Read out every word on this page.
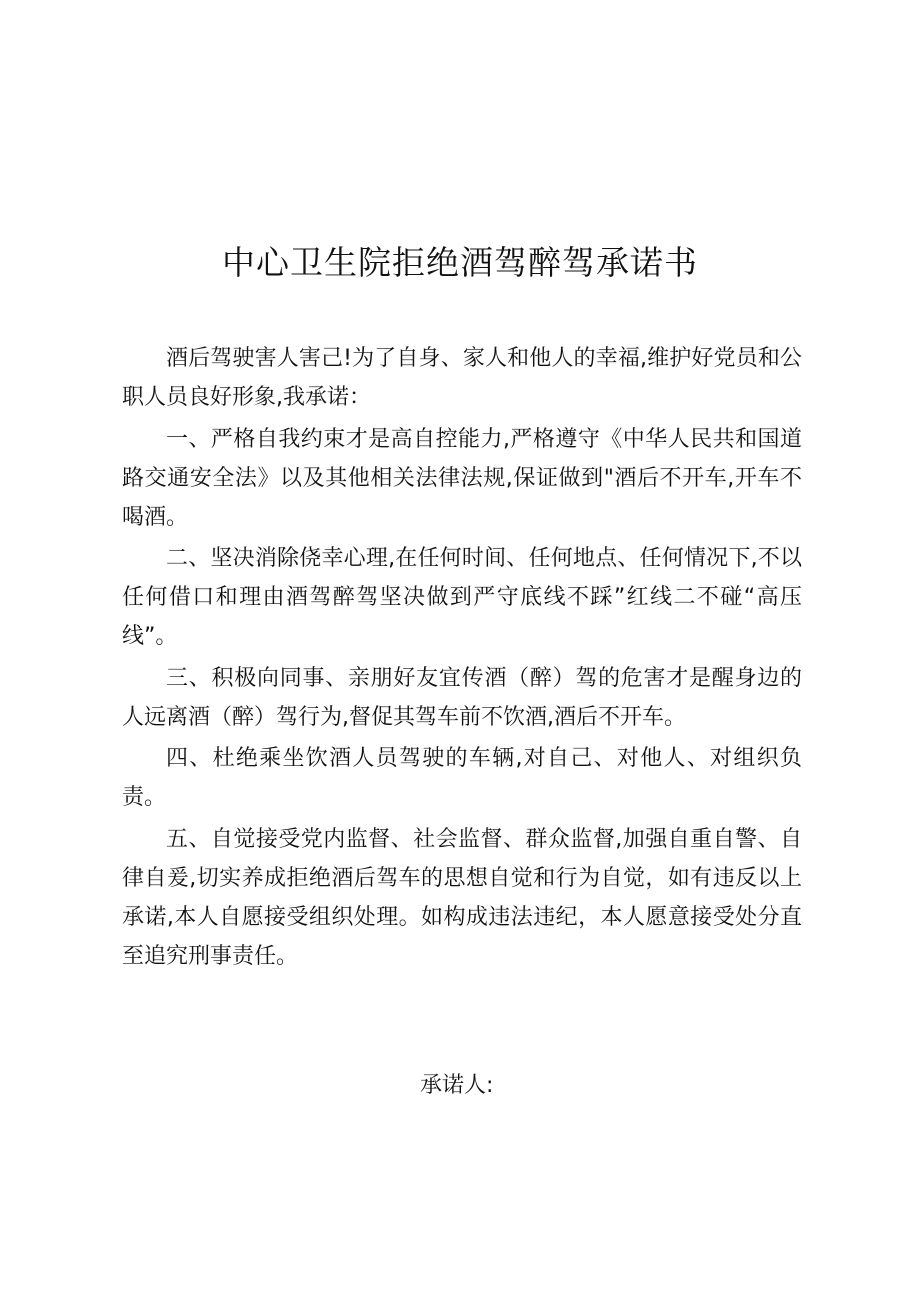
中心卫生院拒绝酒驾醉驾承诺书

酒后驾驶害人害己!为了自身、家人和他人的幸福,维护好党员和公职人员良好形象,我承诺：

一、严格自我约束才是高自控能力,严格遵守《中华人民共和国道路交通安全法》以及其他相关法律法规,保证做到"酒后不开车,开车不喝酒。

二、坚决消除侥幸心理,在任何时间、任何地点、任何情况下,不以任何借口和理由酒驾醉驾坚决做到严守底线不踩”红线二不碰“高压线”。

三、积极向同事、亲朋好友宜传酒（醉）驾的危害才是醒身边的人远离酒（醉）驾行为,督促其驾车前不饮酒,酒后不开车。

四、杜绝乘坐饮酒人员驾驶的车辆,对自己、对他人、对组织负责。

五、自觉接受党内监督、社会监督、群众监督,加强自重自警、自律自爰,切实养成拒绝酒后驾车的思想自觉和行为自觉，如有违反以上承诺,本人自愿接受组织处理。如构成违法违纪，本人愿意接受处分直至追究刑事责任。

承诺人:
